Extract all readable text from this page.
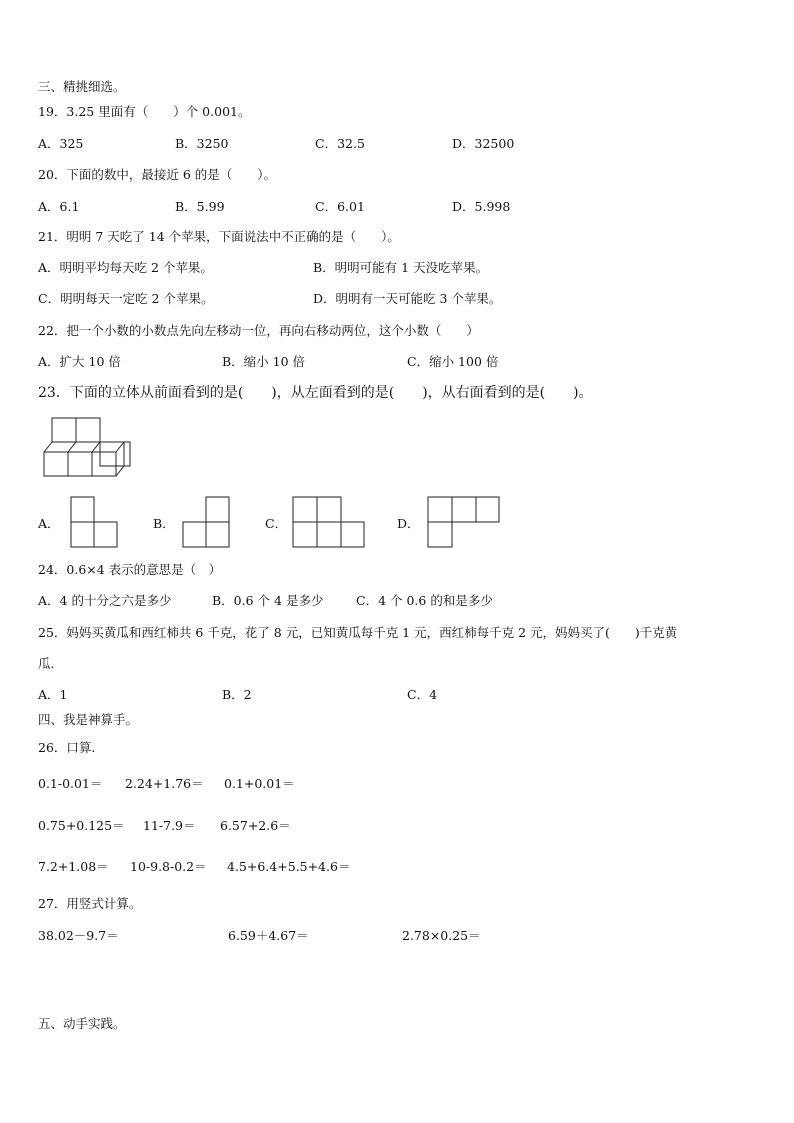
三、精挑细选。
19．3.25 里面有（　　）个 0.001。
A．325	B．3250	C．32.5	D．32500
20．下面的数中，最接近 6 的是（　　）。
A．6.1	B．5.99	C．6.01	D．5.998
21．明明 7 天吃了 14 个苹果，下面说法中不正确的是（　　）。
A．明明平均每天吃 2 个苹果。	B．明明可能有 1 天没吃苹果。
C．明明每天一定吃 2 个苹果。	D．明明有一天可能吃 3 个苹果。
22．把一个小数的小数点先向左移动一位，再向右移动两位，这个小数（　　）
A．扩大 10 倍	B．缩小 10 倍	C．缩小 100 倍
23．下面的立体从前面看到的是(　　)，从左面看到的是(　　)，从右面看到的是(　　)。
A．	B．	C．	D．
24．0.6×4 表示的意思是（　）
A．4 的十分之六是多少	B．0.6 个 4 是多少	C．4 个 0.6 的和是多少
25．妈妈买黄瓜和西红柿共 6 千克，花了 8 元，已知黄瓜每千克 1 元，西红柿每千克 2 元，妈妈买了(　　)千克黄
瓜.
A．1	B．2	C．4
四、我是神算手。
26．口算.
0.1-0.01＝ 2.24+1.76＝ 0.1+0.01＝
0.75+0.125＝ 11-7.9＝ 6.57+2.6＝
7.2+1.08＝ 10-9.8-0.2＝ 4.5+6.4+5.5+4.6＝
27．用竖式计算。
38.02－9.7＝	6.59＋4.67＝	2.78×0.25＝
五、动手实践。
